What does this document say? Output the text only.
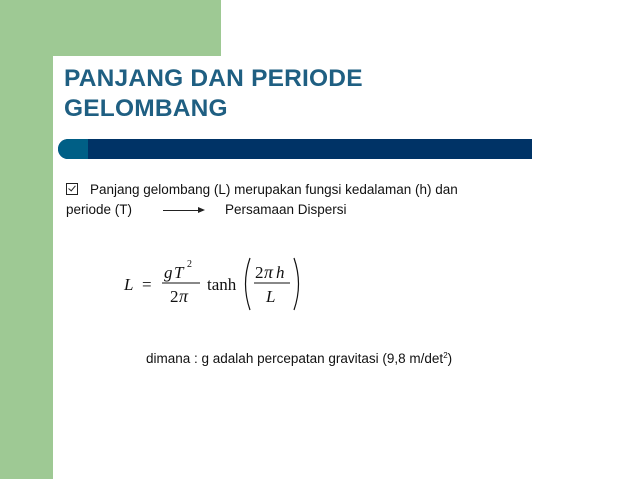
PANJANG DAN PERIODE
GELOMBANG
Panjang gelombang (L) merupakan fungsi kedalaman (h) dan
periode (T)	Persamaan Dispersi
L =
g T 2
2 π
tanh
2 π h
L
dimana : g adalah percepatan gravitasi (9,8 $m/\det^2$)
